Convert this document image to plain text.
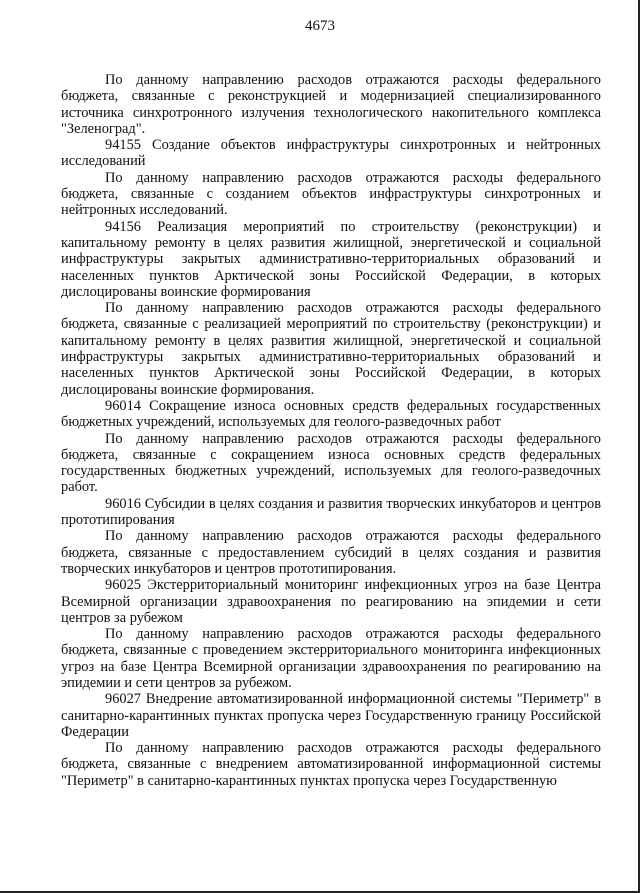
4673

По данному направлению расходов отражаются расходы федерального бюджета, связанные с реконструкцией и модернизацией специализированного источника синхротронного излучения технологического накопительного комплекса "Зеленоград".

94155 Создание объектов инфраструктуры синхротронных и нейтронных исследований

По данному направлению расходов отражаются расходы федерального бюджета, связанные с созданием объектов инфраструктуры синхротронных и нейтронных исследований.

94156 Реализация мероприятий по строительству (реконструкции) и капитальному ремонту в целях развития жилищной, энергетической и социальной инфраструктуры закрытых административно-территориальных образований и населенных пунктов Арктической зоны Российской Федерации, в которых дислоцированы воинские формирования

По данному направлению расходов отражаются расходы федерального бюджета, связанные с реализацией мероприятий по строительству (реконструкции) и капитальному ремонту в целях развития жилищной, энергетической и социальной инфраструктуры закрытых административно-территориальных образований и населенных пунктов Арктической зоны Российской Федерации, в которых дислоцированы воинские формирования.

96014 Сокращение износа основных средств федеральных государственных бюджетных учреждений, используемых для геолого-разведочных работ

По данному направлению расходов отражаются расходы федерального бюджета, связанные с сокращением износа основных средств федеральных государственных бюджетных учреждений, используемых для геолого-разведочных работ.

96016 Субсидии в целях создания и развития творческих инкубаторов и центров прототипирования

По данному направлению расходов отражаются расходы федерального бюджета, связанные с предоставлением субсидий в целях создания и развития творческих инкубаторов и центров прототипирования.

96025 Экстерриториальный мониторинг инфекционных угроз на базе Центра Всемирной организации здравоохранения по реагированию на эпидемии и сети центров за рубежом

По данному направлению расходов отражаются расходы федерального бюджета, связанные с проведением экстерриториального мониторинга инфекционных угроз на базе Центра Всемирной организации здравоохранения по реагированию на эпидемии и сети центров за рубежом.

96027 Внедрение автоматизированной информационной системы "Периметр" в санитарно-карантинных пунктах пропуска через Государственную границу Российской Федерации

По данному направлению расходов отражаются расходы федерального бюджета, связанные с внедрением автоматизированной информационной системы "Периметр" в санитарно-карантинных пунктах пропуска через Государственную
